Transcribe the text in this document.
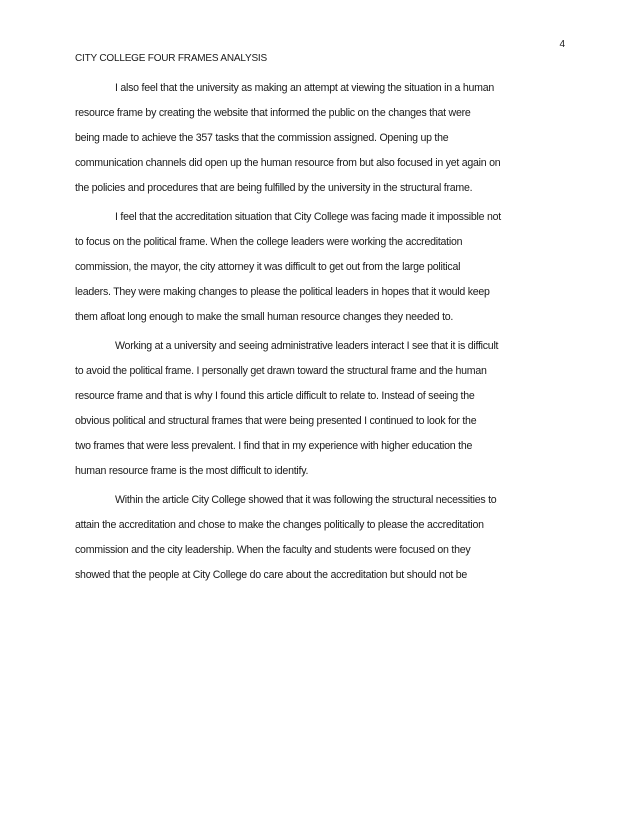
4
CITY COLLEGE FOUR FRAMES ANALYSIS
I also feel that the university as making an attempt at viewing the situation in a human
resource frame by creating the website that informed the public on the changes that were
being made to achieve the 357 tasks that the commission assigned. Opening up the
communication channels did open up the human resource from but also focused in yet again on
the policies and procedures that are being fulfilled by the university in the structural frame.
I feel that the accreditation situation that City College was facing made it impossible not
to focus on the political frame. When the college leaders were working the accreditation
commission, the mayor, the city attorney it was difficult to get out from the large political
leaders. They were making changes to please the political leaders in hopes that it would keep
them afloat long enough to make the small human resource changes they needed to.
Working at a university and seeing administrative leaders interact I see that it is difficult
to avoid the political frame. I personally get drawn toward the structural frame and the human
resource frame and that is why I found this article difficult to relate to. Instead of seeing the
obvious political and structural frames that were being presented I continued to look for the
two frames that were less prevalent. I find that in my experience with higher education the
human resource frame is the most difficult to identify.
Within the article City College showed that it was following the structural necessities to
attain the accreditation and chose to make the changes politically to please the accreditation
commission and the city leadership. When the faculty and students were focused on they
showed that the people at City College do care about the accreditation but should not be
